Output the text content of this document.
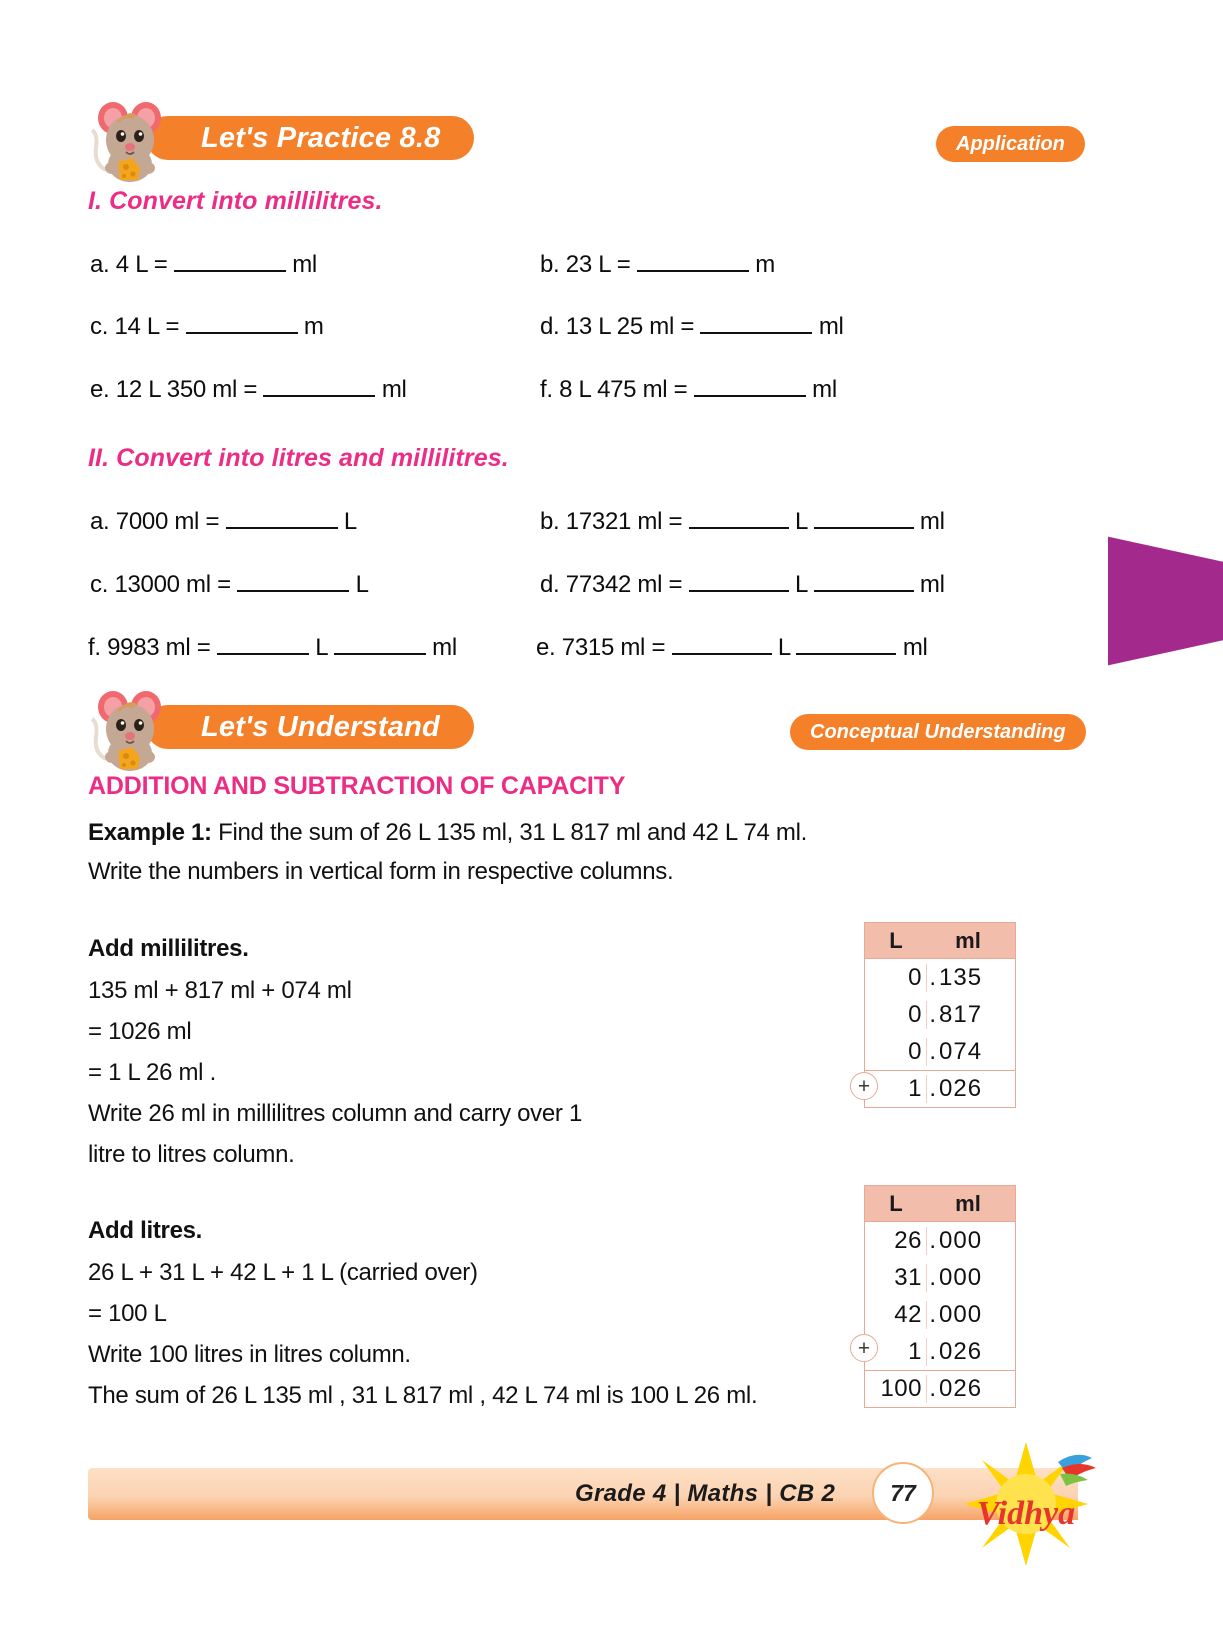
Let's Practice 8.8	Application
I. Convert into millilitres.
a. 4 L =	ml	b. 23 L =	m
c. 14 L =	m	d. 13 L 25 ml =	ml
e. 12 L 350 ml =	ml	f. 8 L 475 ml =	ml
II. Convert into litres and millilitres.
a. 7000 ml =	L	b. 17321 ml =	L	ml
c. 13000 ml =	L	d. 77342 ml =	L	ml
f. 9983 ml =	L	ml	e. 7315 ml =	L	ml
Let's Understand	Conceptual Understanding
ADDITION AND SUBTRACTION OF CAPACITY
Example 1: Find the sum of 26 L 135 ml, 31 L 817 ml and 42 L 74 ml.
Write the numbers in vertical form in respective columns.
Add millilitres.
135 ml + 817 ml + 074 ml
= 1026 ml
= 1 L 26 ml .
Write 26 ml in millilitres column and carry over 1
litre to litres column.
Add litres.
26 L + 31 L + 42 L + 1 L (carried over)
= 100 L
Write 100 litres in litres column.
The sum of 26 L 135 ml , 31 L 817 ml , 42 L 74 ml is 100 L 26 ml.
L	ml
0 . 135
0 . 817
0 . 074
1 . 026
+
L	ml
26 . 000
31 . 000
42 . 000
1 . 026
100 . 026
+
Grade 4 | Maths | CB 2	77
Vidhya
